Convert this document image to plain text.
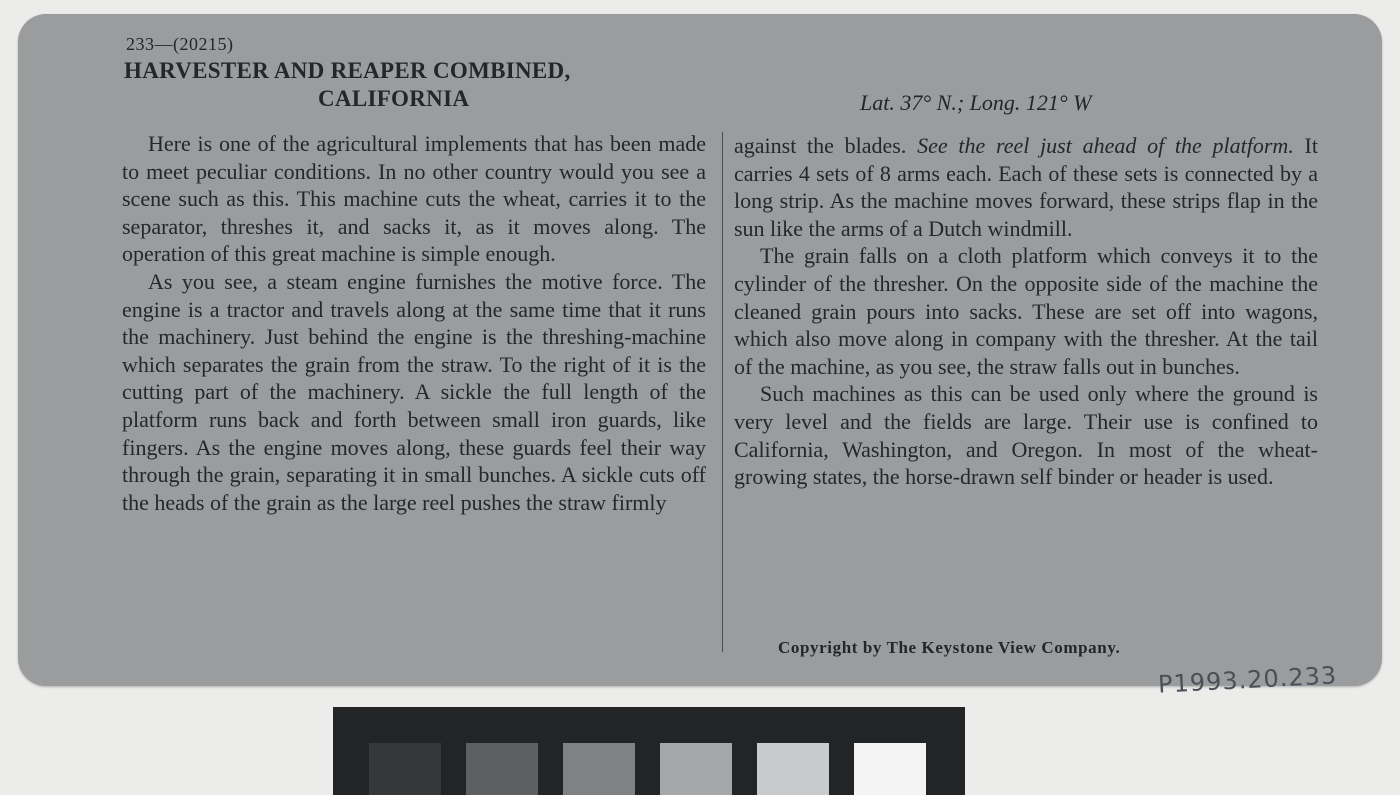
233—(20215)
HARVESTER AND REAPER COMBINED,
CALIFORNIA	Lat. 37° N.; Long. 121° W

Here is one of the agricultural implements that has been made to meet peculiar conditions. In no other country would you see a scene such as this. This machine cuts the wheat, carries it to the separator, threshes it, and sacks it, as it moves along. The operation of this great machine is simple enough.

As you see, a steam engine furnishes the motive force. The engine is a tractor and travels along at the same time that it runs the machinery. Just behind the engine is the threshing-machine which separates the grain from the straw. To the right of it is the cutting part of the machinery. A sickle the full length of the platform runs back and forth between small iron guards, like fingers. As the engine moves along, these guards feel their way through the grain, separating it in small bunches. A sickle cuts off the heads of the grain as the large reel pushes the straw firmly

against the blades. See the reel just ahead of the platform. It carries 4 sets of 8 arms each. Each of these sets is connected by a long strip. As the machine moves forward, these strips flap in the sun like the arms of a Dutch windmill.

The grain falls on a cloth platform which conveys it to the cylinder of the thresher. On the opposite side of the machine the cleaned grain pours into sacks. These are set off into wagons, which also move along in company with the thresher. At the tail of the machine, as you see, the straw falls out in bunches.

Such machines as this can be used only where the ground is very level and the fields are large. Their use is confined to California, Washington, and Oregon. In most of the wheat-growing states, the horse-drawn self binder or header is used.

Copyright by The Keystone View Company.
P1993.20.233
